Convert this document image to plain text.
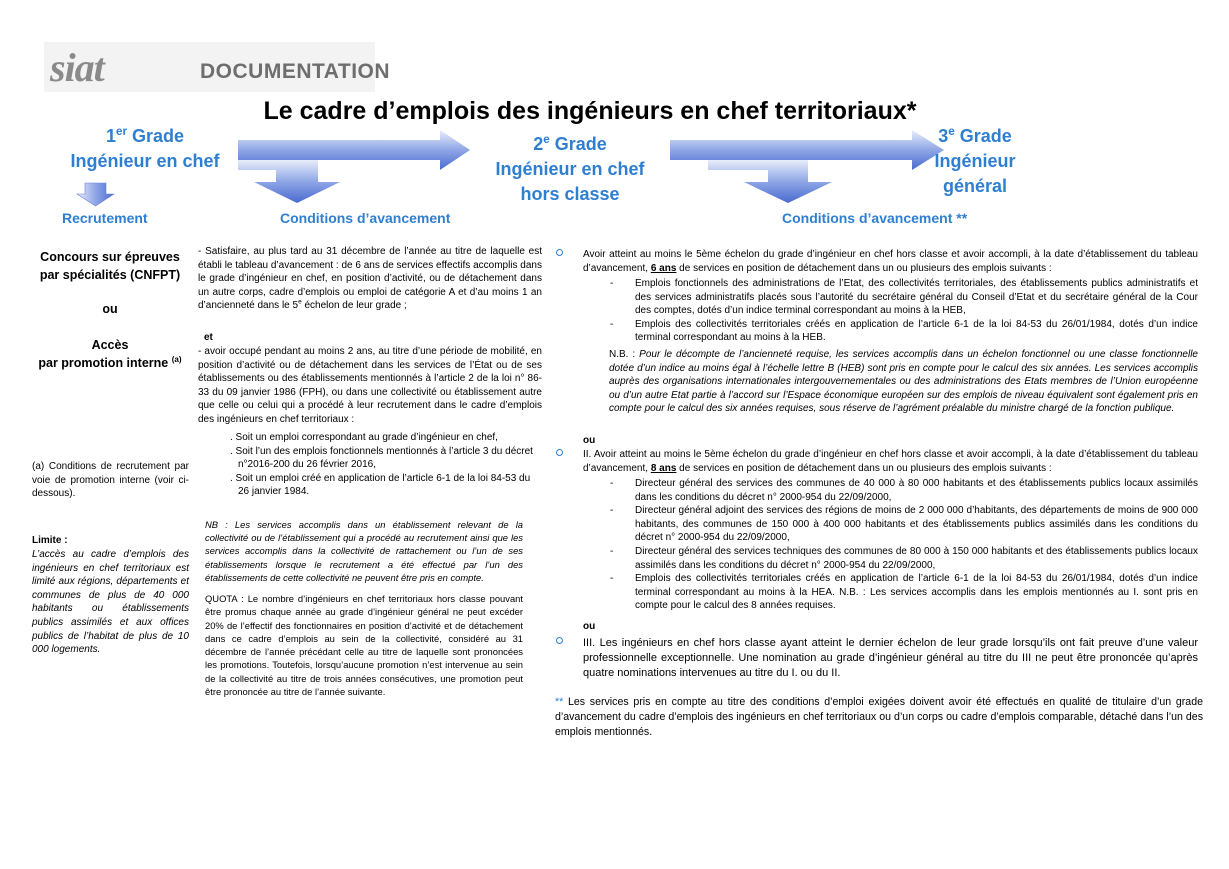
siat	DOCUMENTATION
Le cadre d’emplois des ingénieurs en chef territoriaux*
1er Grade
Ingénieur en chef
2e Grade
Ingénieur en chef
hors classe
3e Grade
Ingénieur
général
Recrutement	Conditions d’avancement	Conditions d’avancement **
Concours sur épreuves par spécialités (CNFPT)
ou
Accès
par promotion interne $^{(a)}$
(a) Conditions de recrutement par voie de promotion interne (voir ci-dessous).
Limite :
L’accès au cadre d’emplois des ingénieurs en chef territoriaux est limité aux régions, départements et communes de plus de 40 000 habitants ou établissements publics assimilés et aux offices publics de l’habitat de plus de 10 000 logements.
- Satisfaire, au plus tard au 31 décembre de l’année au titre de laquelle est établi le tableau d’avancement : de 6 ans de services effectifs accomplis dans le grade d’ingénieur en chef, en position d’activité, ou de détachement dans un autre corps, cadre d’emplois ou emploi de catégorie A et d’au moins 1 an d’ancienneté dans le 5e échelon de leur grade ;
et
- avoir occupé pendant au moins 2 ans, au titre d’une période de mobilité, en position d’activité ou de détachement dans les services de l’État ou de ses établissements ou des établissements mentionnés à l’article 2 de la loi n° 86-33 du 09 janvier 1986 (FPH), ou dans une collectivité ou établissement autre que celle ou celui qui a procédé à leur recrutement dans le cadre d’emplois des ingénieurs en chef territoriaux :
. Soit un emploi correspondant au grade d’ingénieur en chef,
. Soit l’un des emplois fonctionnels mentionnés à l’article 3 du décret n°2016-200 du 26 février 2016,
. Soit un emploi créé en application de l’article 6-1 de la loi 84-53 du 26 janvier 1984.
NB : Les services accomplis dans un établissement relevant de la collectivité ou de l’établissement qui a procédé au recrutement ainsi que les services accomplis dans la collectivité de rattachement ou l’un de ses établissements lorsque le recrutement a été effectué par l’un des établissements de cette collectivité ne peuvent être pris en compte.
QUOTA : Le nombre d’ingénieurs en chef territoriaux hors classe pouvant être promus chaque année au grade d’ingénieur général ne peut excéder 20% de l’effectif des fonctionnaires en position d’activité et de détachement dans ce cadre d’emplois au sein de la collectivité, considéré au 31 décembre de l’année précédant celle au titre de laquelle sont prononcées les promotions. Toutefois, lorsqu’aucune promotion n’est intervenue au sein de la collectivité au titre de trois années consécutives, une promotion peut être prononcée au titre de l’année suivante.
Avoir atteint au moins le 5ème échelon du grade d’ingénieur en chef hors classe et avoir accompli, à la date d’établissement du tableau d’avancement, 6 ans de services en position de détachement dans un ou plusieurs des emplois suivants :
- Emplois fonctionnels des administrations de l’Etat, des collectivités territoriales, des établissements publics administratifs et des services administratifs placés sous l’autorité du secrétaire général du Conseil d’Etat et du secrétaire général de la Cour des comptes, dotés d’un indice terminal correspondant au moins à la HEB,
- Emplois des collectivités territoriales créés en application de l’article 6-1 de la loi 84-53 du 26/01/1984, dotés d’un indice terminal correspondant au moins à la HEB.
N.B. : Pour le décompte de l’ancienneté requise, les services accomplis dans un échelon fonctionnel ou une classe fonctionnelle dotée d’un indice au moins égal à l’échelle lettre B (HEB) sont pris en compte pour le calcul des six années. Les services accomplis auprès des organisations internationales intergouvernementales ou des administrations des Etats membres de l’Union européenne ou d’un autre Etat partie à l’accord sur l’Espace économique européen sur des emplois de niveau équivalent sont également pris en compte pour le calcul des six années requises, sous réserve de l’agrément préalable du ministre chargé de la fonction publique.
ou
II. Avoir atteint au moins le 5ème échelon du grade d’ingénieur en chef hors classe et avoir accompli, à la date d’établissement du tableau d’avancement, 8 ans de services en position de détachement dans un ou plusieurs des emplois suivants :
- Directeur général des services des communes de 40 000 à 80 000 habitants et des établissements publics locaux assimilés dans les conditions du décret n° 2000-954 du 22/09/2000,
- Directeur général adjoint des services des régions de moins de 2 000 000 d’habitants, des départements de moins de 900 000 habitants, des communes de 150 000 à 400 000 habitants et des établissements publics assimilés dans les conditions du décret n° 2000-954 du 22/09/2000,
- Directeur général des services techniques des communes de 80 000 à 150 000 habitants et des établissements publics locaux assimilés dans les conditions du décret n° 2000-954 du 22/09/2000,
- Emplois des collectivités territoriales créés en application de l’article 6-1 de la loi 84-53 du 26/01/1984, dotés d’un indice terminal correspondant au moins à la HEA. N.B. : Les services accomplis dans les emplois mentionnés au I. sont pris en compte pour le calcul des 8 années requises.
ou
III. Les ingénieurs en chef hors classe ayant atteint le dernier échelon de leur grade lorsqu’ils ont fait preuve d’une valeur professionnelle exceptionnelle. Une nomination au grade d’ingénieur général au titre du III ne peut être prononcée qu’après quatre nominations intervenues au titre du I. ou du II.
** Les services pris en compte au titre des conditions d’emploi exigées doivent avoir été effectués en qualité de titulaire d’un grade d’avancement du cadre d’emplois des ingénieurs en chef territoriaux ou d’un corps ou cadre d’emplois comparable, détaché dans l’un des emplois mentionnés.
